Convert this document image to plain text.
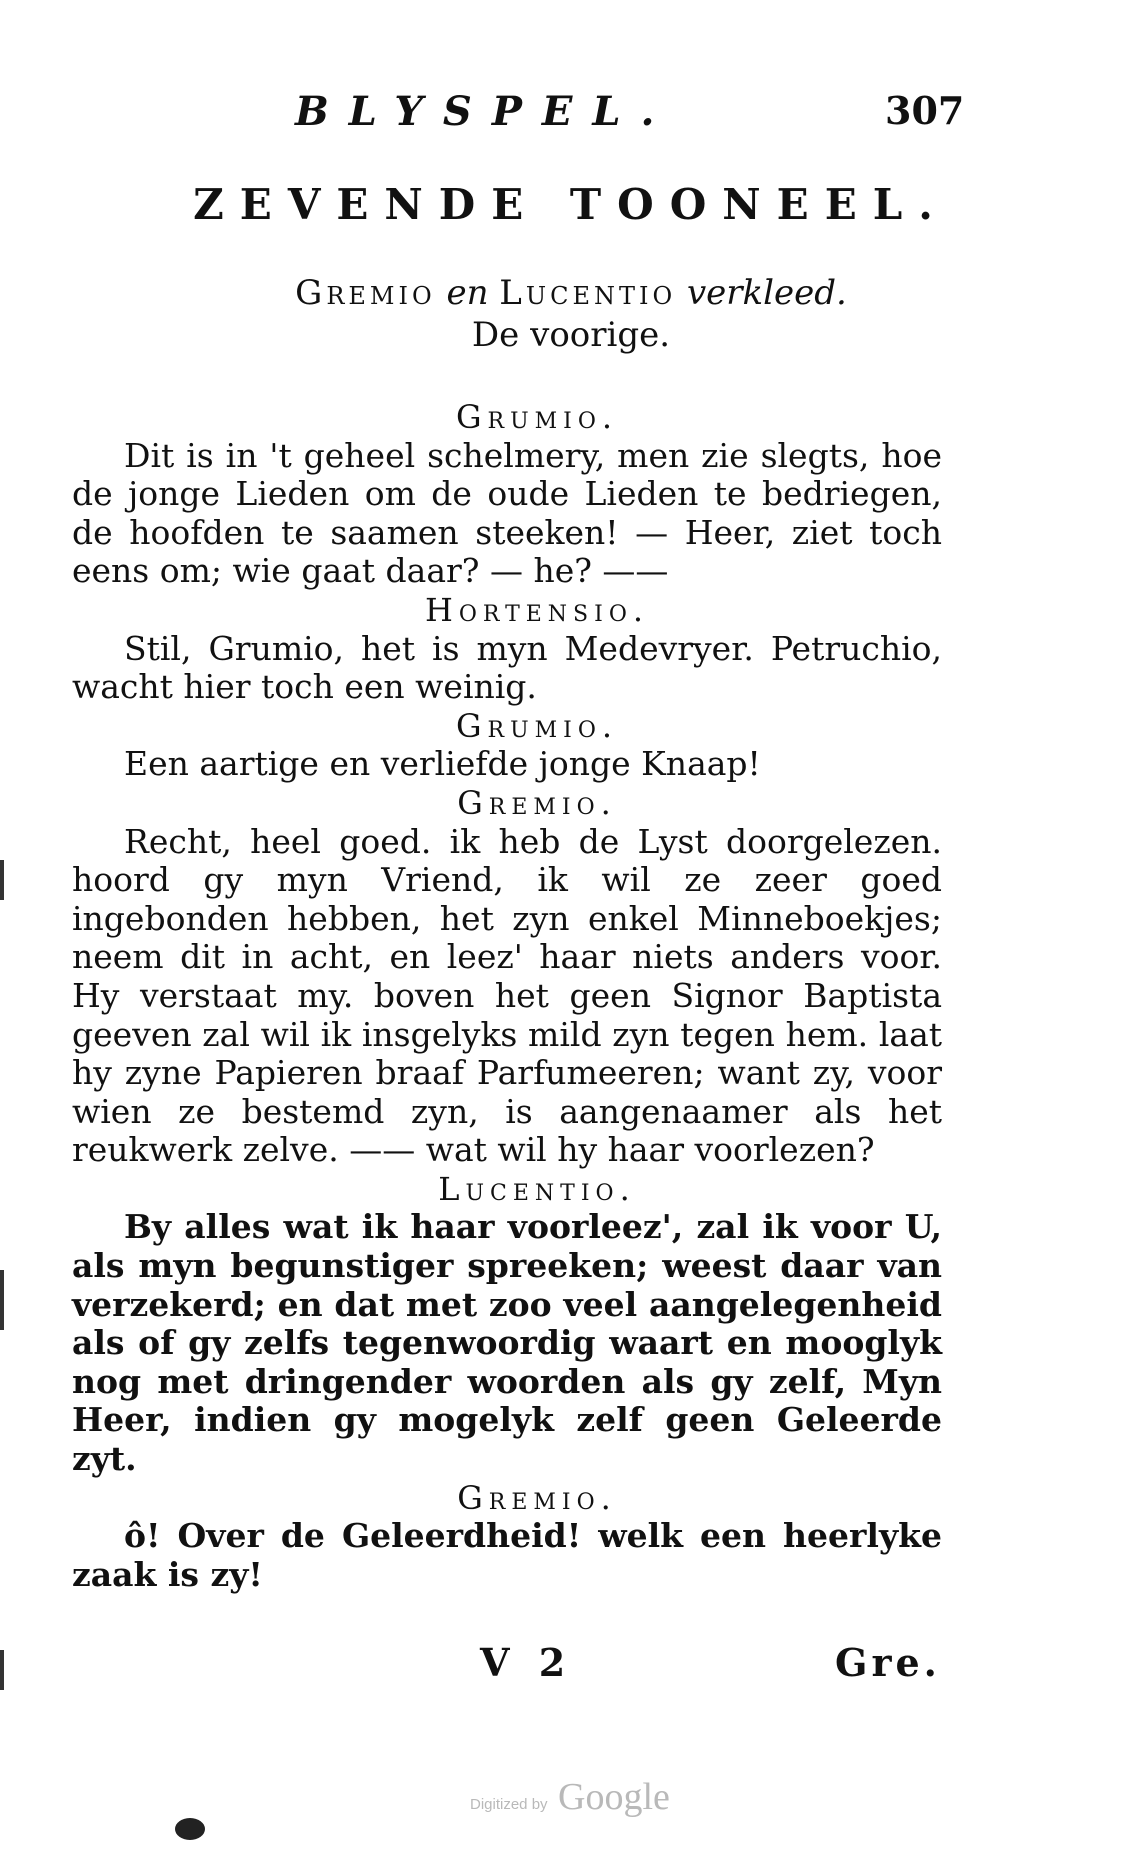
BLYSPEL.	307
ZEVENDE TOONEEL.
Gremio en Lucentio verkleed.
De voorige.
Grumio.

Dit is in 't geheel schelmery, men zie slegts, hoe de jonge Lieden om de oude Lieden te bedriegen, de hoofden te saamen steeken! — Heer, ziet toch eens om; wie gaat daar? — he? ——

Hortensio.

Stil, Grumio, het is myn Medevryer. Petruchio, wacht hier toch een weinig.

Grumio.

Een aartige en verliefde jonge Knaap!

Gremio.

Recht, heel goed. ik heb de Lyst doorgelezen. hoord gy myn Vriend, ik wil ze zeer goed ingebonden hebben, het zyn enkel Minneboekjes; neem dit in acht, en leez' haar niets anders voor. Hy verstaat my. boven het geen Signor Baptista geeven zal wil ik insgelyks mild zyn tegen hem. laat hy zyne Papieren braaf Parfumeeren; want zy, voor wien ze bestemd zyn, is aangenaamer als het reukwerk zelve. —— wat wil hy haar voorlezen?

Lucentio.

By alles wat ik haar voorleez', zal ik voor U, als myn begunstiger spreeken; weest daar van verzekerd; en dat met zoo veel aangelegenheid als of gy zelfs tegenwoordig waart en mooglyk nog met dringender woorden als gy zelf, Myn Heer, indien gy mogelyk zelf geen Geleerde zyt.

Gremio.

ô! Over de Geleerdheid! welk een heerlyke zaak is zy!

V 2	Gre.
Digitized by Google
